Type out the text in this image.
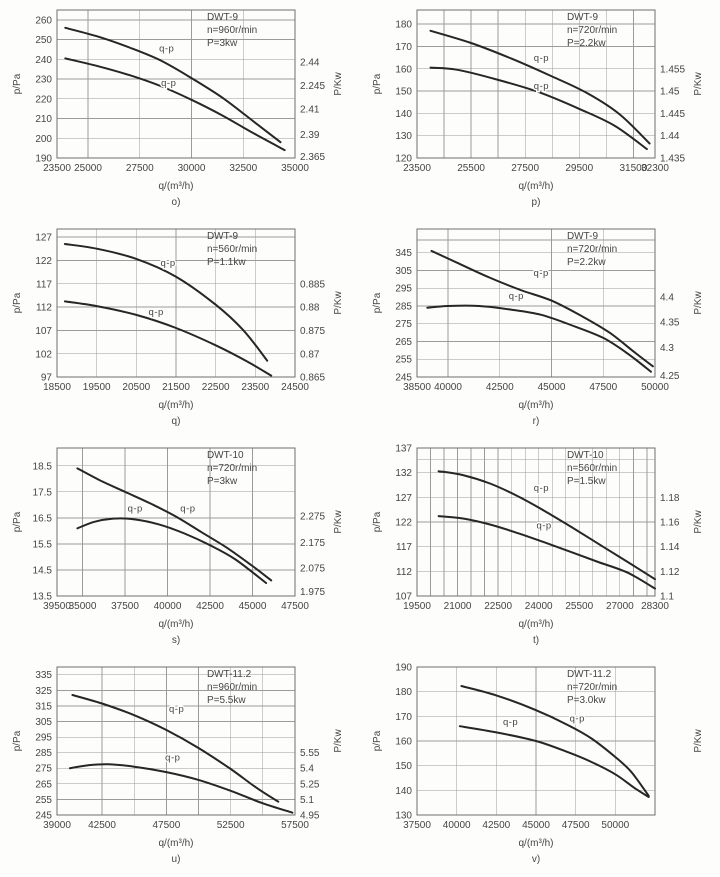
260
250
240
230
220
210
200
190
2.44
2.245
2.41
2.39
2.365
23500 25000 27500 30000 32500 35000
DWT-9
n=960r/min
P=3kw
q/(m³/h)
o)
p/Pa	P/Kw
q-p
q-p
180
170
160
150
140
130
120
1.455
1.45
1.445
1.44
1.435
23500	25500	27500	29500	31500
32300
DWT-9
n=720r/min
P=2.2kw
q/(m³/h)
p)
p/Pa	P/Kw
q-p
q-p
127
122
117
112
107
102
97
0.885
0.88
0.875
0.87
0.865
18500 19500 20500 21500 22500 23500 24500
DWT-9
n=560r/min
P=1.1kw
q/(m³/h)
q)
p/Pa	P/Kw
q-p
q-p
345
305
295
285
275
265
255
245
4.4
4.35
4.3
4.25
38500 40000 42500 45000 47500 50000
DWT-9
n=720r/min
P=2.2kw
q/(m³/h)
r)
p/Pa	P/Kw
q-p
q-p
18.5
17.5
16.5
15.5
14.5
13.5
2.275
2.175
2.075
1.975
39500
35000 37500 40000 42500 45000 47500
DWT-10
n=720r/min
P=3kw
q/(m³/h)
s)
p/Pa	P/Kw
q-p
q-p
137
132
127
122
117
112
107
1.18
1.16
1.14
1.12
1.1
19500 21000 22500 24000 25500 27000 28300
DWT-10
n=560r/min
P=1.5kw
q/(m³/h)
t)
p/Pa	P/Kw
q-p
q-p
335
325
315
305
295
285
275
265
255
245
5.55
5.4
5.25
5.1
4.95
39000 42500	47500	52500	57500
DWT-11.2
n=960r/min
P=5.5kw
q/(m³/h)
u)
p/Pa	P/Kw
q-p
q-p
190
180
170
160
150
140
130
37500 40000 42500 45000 47500 50000
DWT-11.2
n=720r/min
P=3.0kw
q/(m³/h)
v)
p/Pa	P/Kw
q-p
q-p
